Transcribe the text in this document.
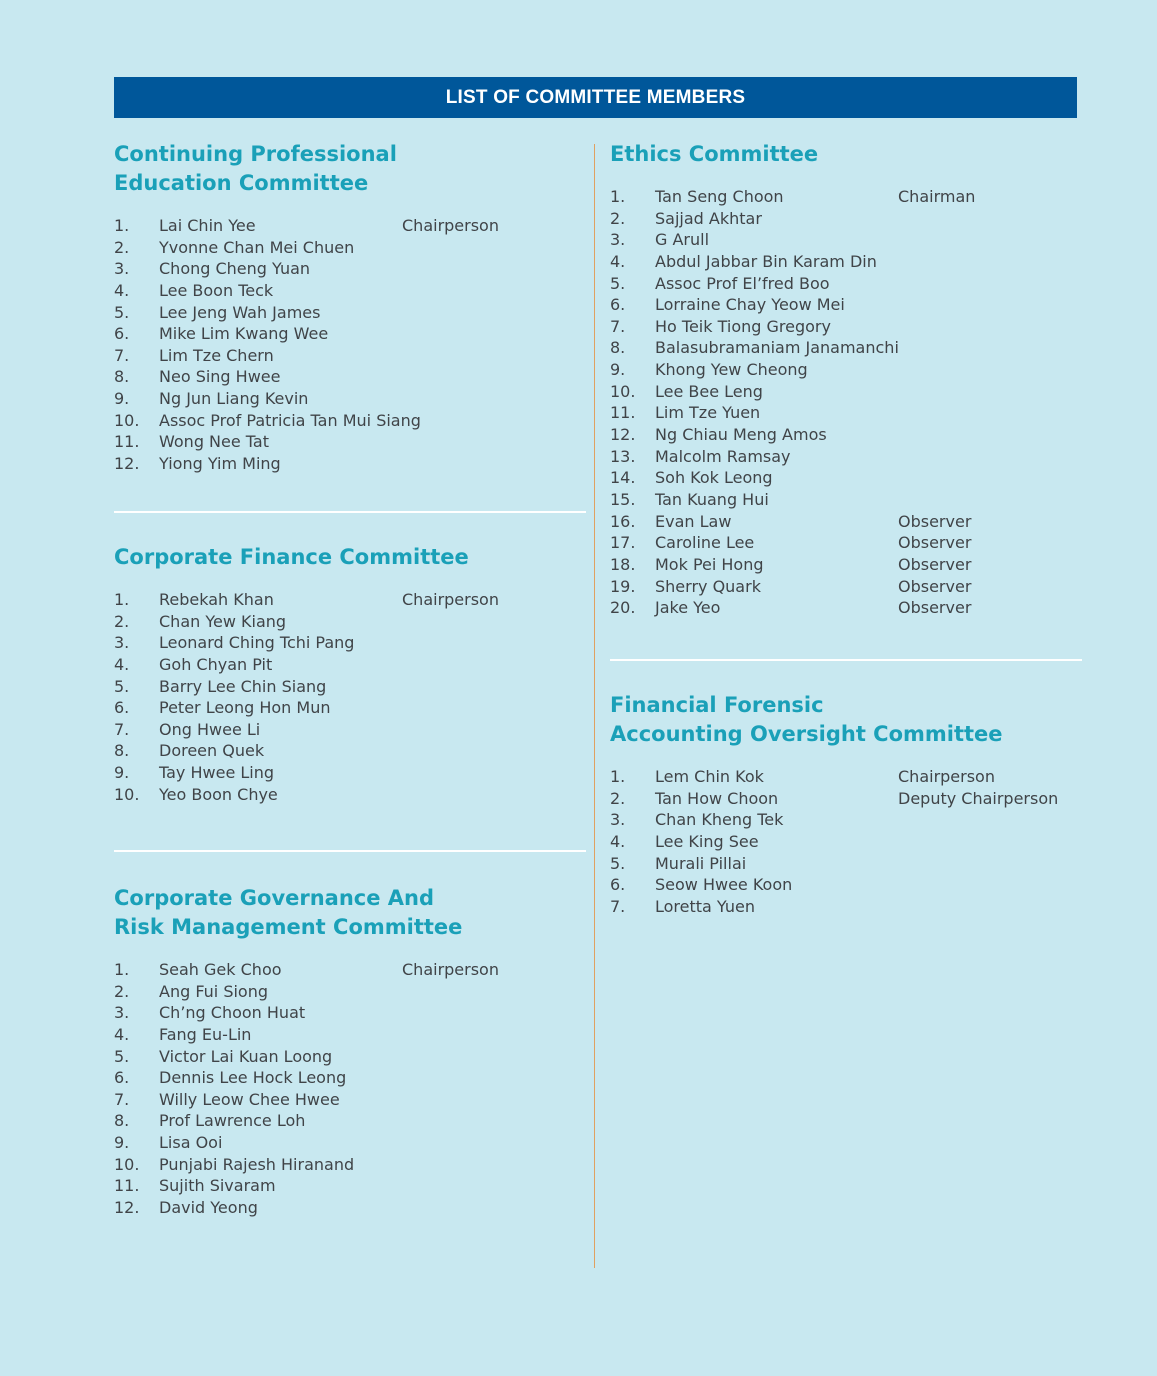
LIST OF COMMITTEE MEMBERS
Continuing Professional
Education Committee
1. Lai Chin Yee	Chairperson
2. Yvonne Chan Mei Chuen
3. Chong Cheng Yuan
4. Lee Boon Teck
5. Lee Jeng Wah James
6. Mike Lim Kwang Wee
7. Lim Tze Chern
8. Neo Sing Hwee
9. Ng Jun Liang Kevin
10. Assoc Prof Patricia Tan Mui Siang
11. Wong Nee Tat
12. Yiong Yim Ming
Corporate Finance Committee
1. Rebekah Khan	Chairperson
2. Chan Yew Kiang
3. Leonard Ching Tchi Pang
4. Goh Chyan Pit
5. Barry Lee Chin Siang
6. Peter Leong Hon Mun
7. Ong Hwee Li
8. Doreen Quek
9. Tay Hwee Ling
10. Yeo Boon Chye
Corporate Governance And
Risk Management Committee
1. Seah Gek Choo	Chairperson
2. Ang Fui Siong
3. Ch’ng Choon Huat
4. Fang Eu-Lin
5. Victor Lai Kuan Loong
6. Dennis Lee Hock Leong
7. Willy Leow Chee Hwee
8. Prof Lawrence Loh
9. Lisa Ooi
10. Punjabi Rajesh Hiranand
11. Sujith Sivaram
12. David Yeong
Ethics Committee
1. Tan Seng Choon	Chairman
2. Sajjad Akhtar
3. G Arull
4. Abdul Jabbar Bin Karam Din
5. Assoc Prof El’fred Boo
6. Lorraine Chay Yeow Mei
7. Ho Teik Tiong Gregory
8. Balasubramaniam Janamanchi
9. Khong Yew Cheong
10. Lee Bee Leng
11. Lim Tze Yuen
12. Ng Chiau Meng Amos
13. Malcolm Ramsay
14. Soh Kok Leong
15. Tan Kuang Hui
16. Evan Law	Observer
17. Caroline Lee	Observer
18. Mok Pei Hong	Observer
19. Sherry Quark	Observer
20. Jake Yeo	Observer
Financial Forensic
Accounting Oversight Committee
1. Lem Chin Kok	Chairperson
2. Tan How Choon	Deputy Chairperson
3. Chan Kheng Tek
4. Lee King See
5. Murali Pillai
6. Seow Hwee Koon
7. Loretta Yuen
